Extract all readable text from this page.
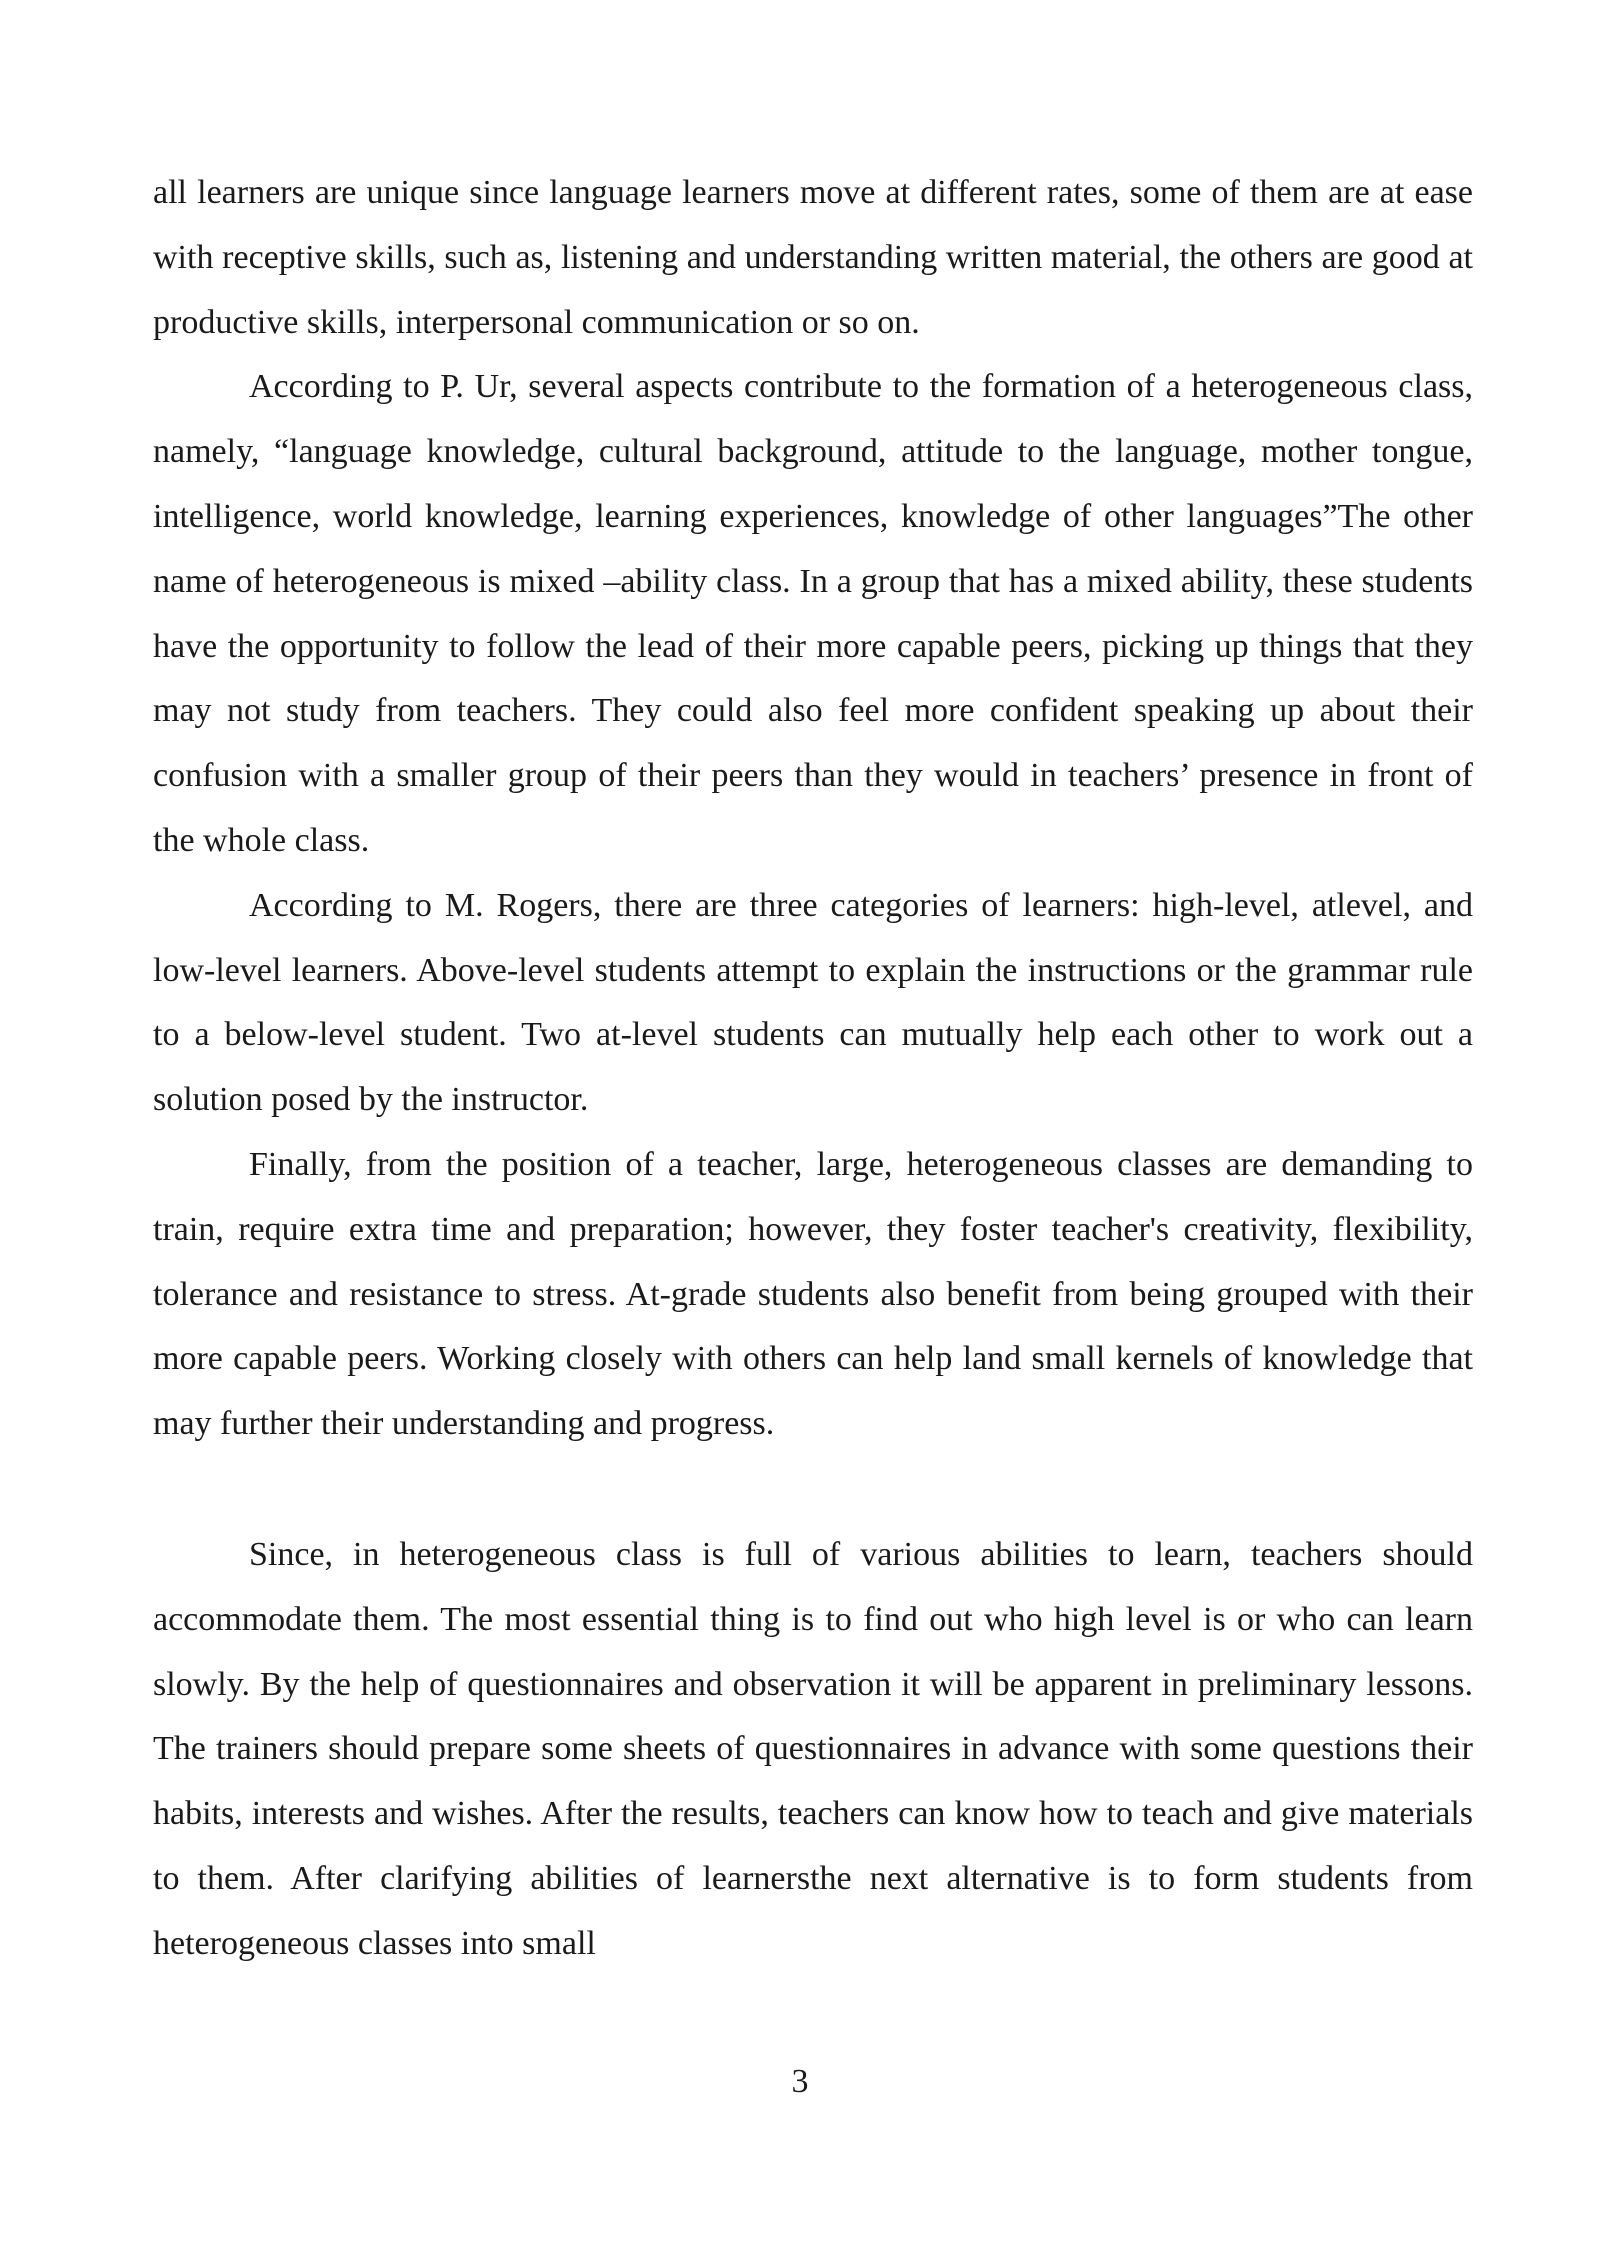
all learners are unique since language learners move at different rates, some of them are at ease with receptive skills, such as, listening and understanding written material, the others are good at productive skills, interpersonal communication or so on.

According to P. Ur, several aspects contribute to the formation of a heterogeneous class, namely, “language knowledge, cultural background, attitude to the language, mother tongue, intelligence, world knowledge, learning experiences, knowledge of other languages”The other name of heterogeneous is mixed –ability class. In a group that has a mixed ability, these students have the opportunity to follow the lead of their more capable peers, picking up things that they may not study from teachers. They could also feel more confident speaking up about their confusion with a smaller group of their peers than they would in teachers’ presence in front of the whole class.

According to M. Rogers, there are three categories of learners: high-level, atlevel, and low-level learners. Above-level students attempt to explain the instructions or the grammar rule to a below-level student. Two at-level students can mutually help each other to work out a solution posed by the instructor.

Finally, from the position of a teacher, large, heterogeneous classes are demanding to train, require extra time and preparation; however, they foster teacher's creativity, flexibility, tolerance and resistance to stress. At-grade students also benefit from being grouped with their more capable peers. Working closely with others can help land small kernels of knowledge that may further their understanding and progress.

Since, in heterogeneous class is full of various abilities to learn, teachers should accommodate them. The most essential thing is to find out who high level is or who can learn slowly. By the help of questionnaires and observation it will be apparent in preliminary lessons. The trainers should prepare some sheets of questionnaires in advance with some questions their habits, interests and wishes. After the results, teachers can know how to teach and give materials to them. After clarifying abilities of learnersthe next alternative is to form students from heterogeneous classes into small

3
